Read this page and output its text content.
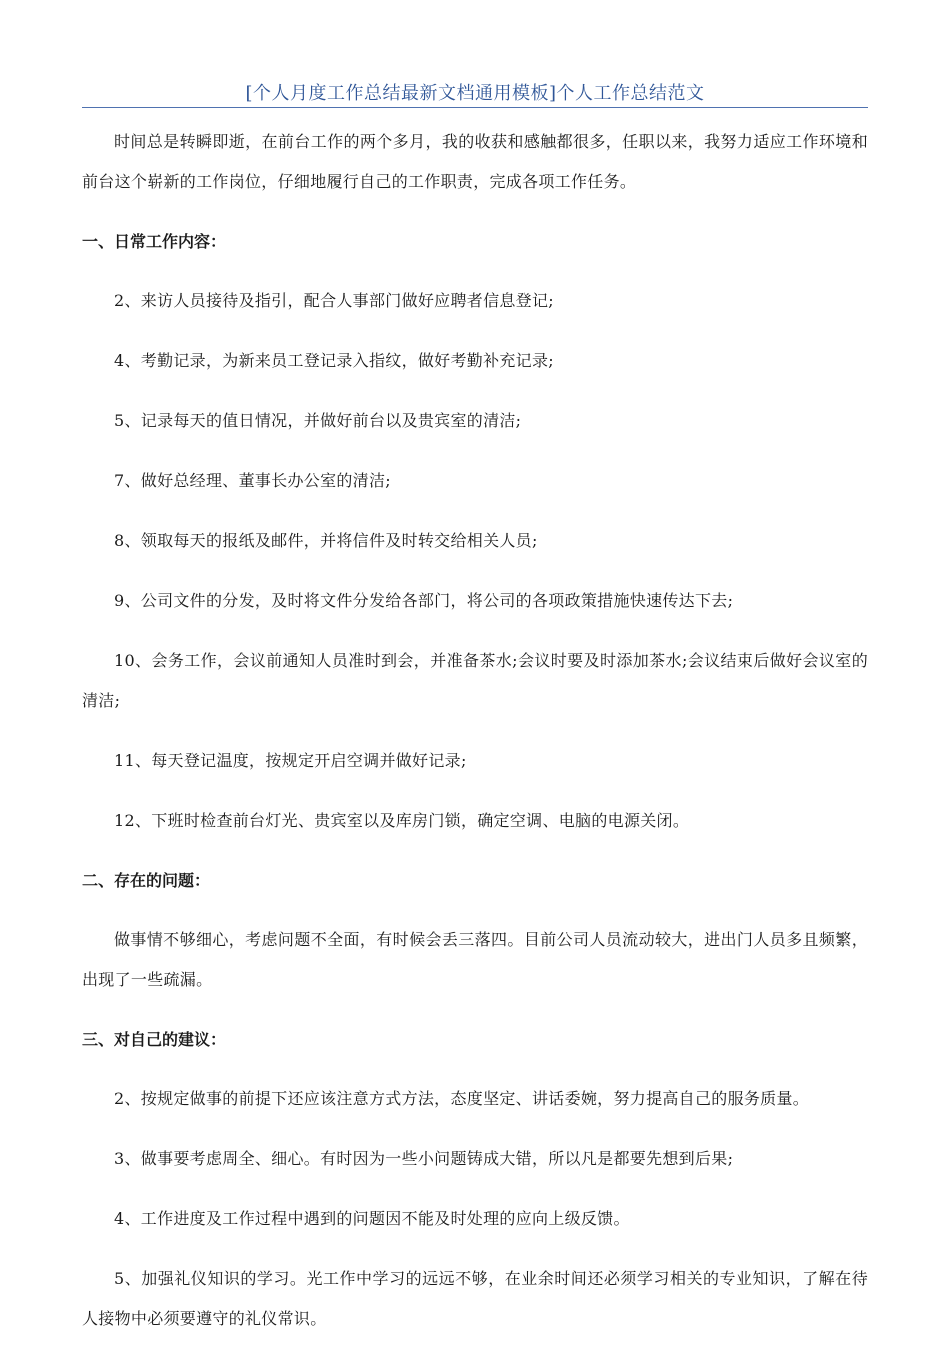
[个人月度工作总结最新文档通用模板]个人工作总结范文

时间总是转瞬即逝，在前台工作的两个多月，我的收获和感触都很多，任职以来，我努力适应工作环境和前台这个崭新的工作岗位，仔细地履行自己的工作职责，完成各项工作任务。

一、日常工作内容：

2、来访人员接待及指引，配合人事部门做好应聘者信息登记;

4、考勤记录，为新来员工登记录入指纹，做好考勤补充记录;

5、记录每天的值日情况，并做好前台以及贵宾室的清洁;

7、做好总经理、董事长办公室的清洁;

8、领取每天的报纸及邮件，并将信件及时转交给相关人员;

9、公司文件的分发，及时将文件分发给各部门，将公司的各项政策措施快速传达下去;

10、会务工作，会议前通知人员准时到会，并准备茶水;会议时要及时添加茶水;会议结束后做好会议室的清洁;

11、每天登记温度，按规定开启空调并做好记录;

12、下班时检查前台灯光、贵宾室以及库房门锁，确定空调、电脑的电源关闭。

二、存在的问题：

做事情不够细心，考虑问题不全面，有时候会丢三落四。目前公司人员流动较大，进出门人员多且频繁，出现了一些疏漏。

三、对自己的建议：

2、按规定做事的前提下还应该注意方式方法，态度坚定、讲话委婉，努力提高自己的服务质量。

3、做事要考虑周全、细心。有时因为一些小问题铸成大错，所以凡是都要先想到后果;

4、工作进度及工作过程中遇到的问题因不能及时处理的应向上级反馈。

5、加强礼仪知识的学习。光工作中学习的远远不够，在业余时间还必须学习相关的专业知识，了解在待人接物中必须要遵守的礼仪常识。
